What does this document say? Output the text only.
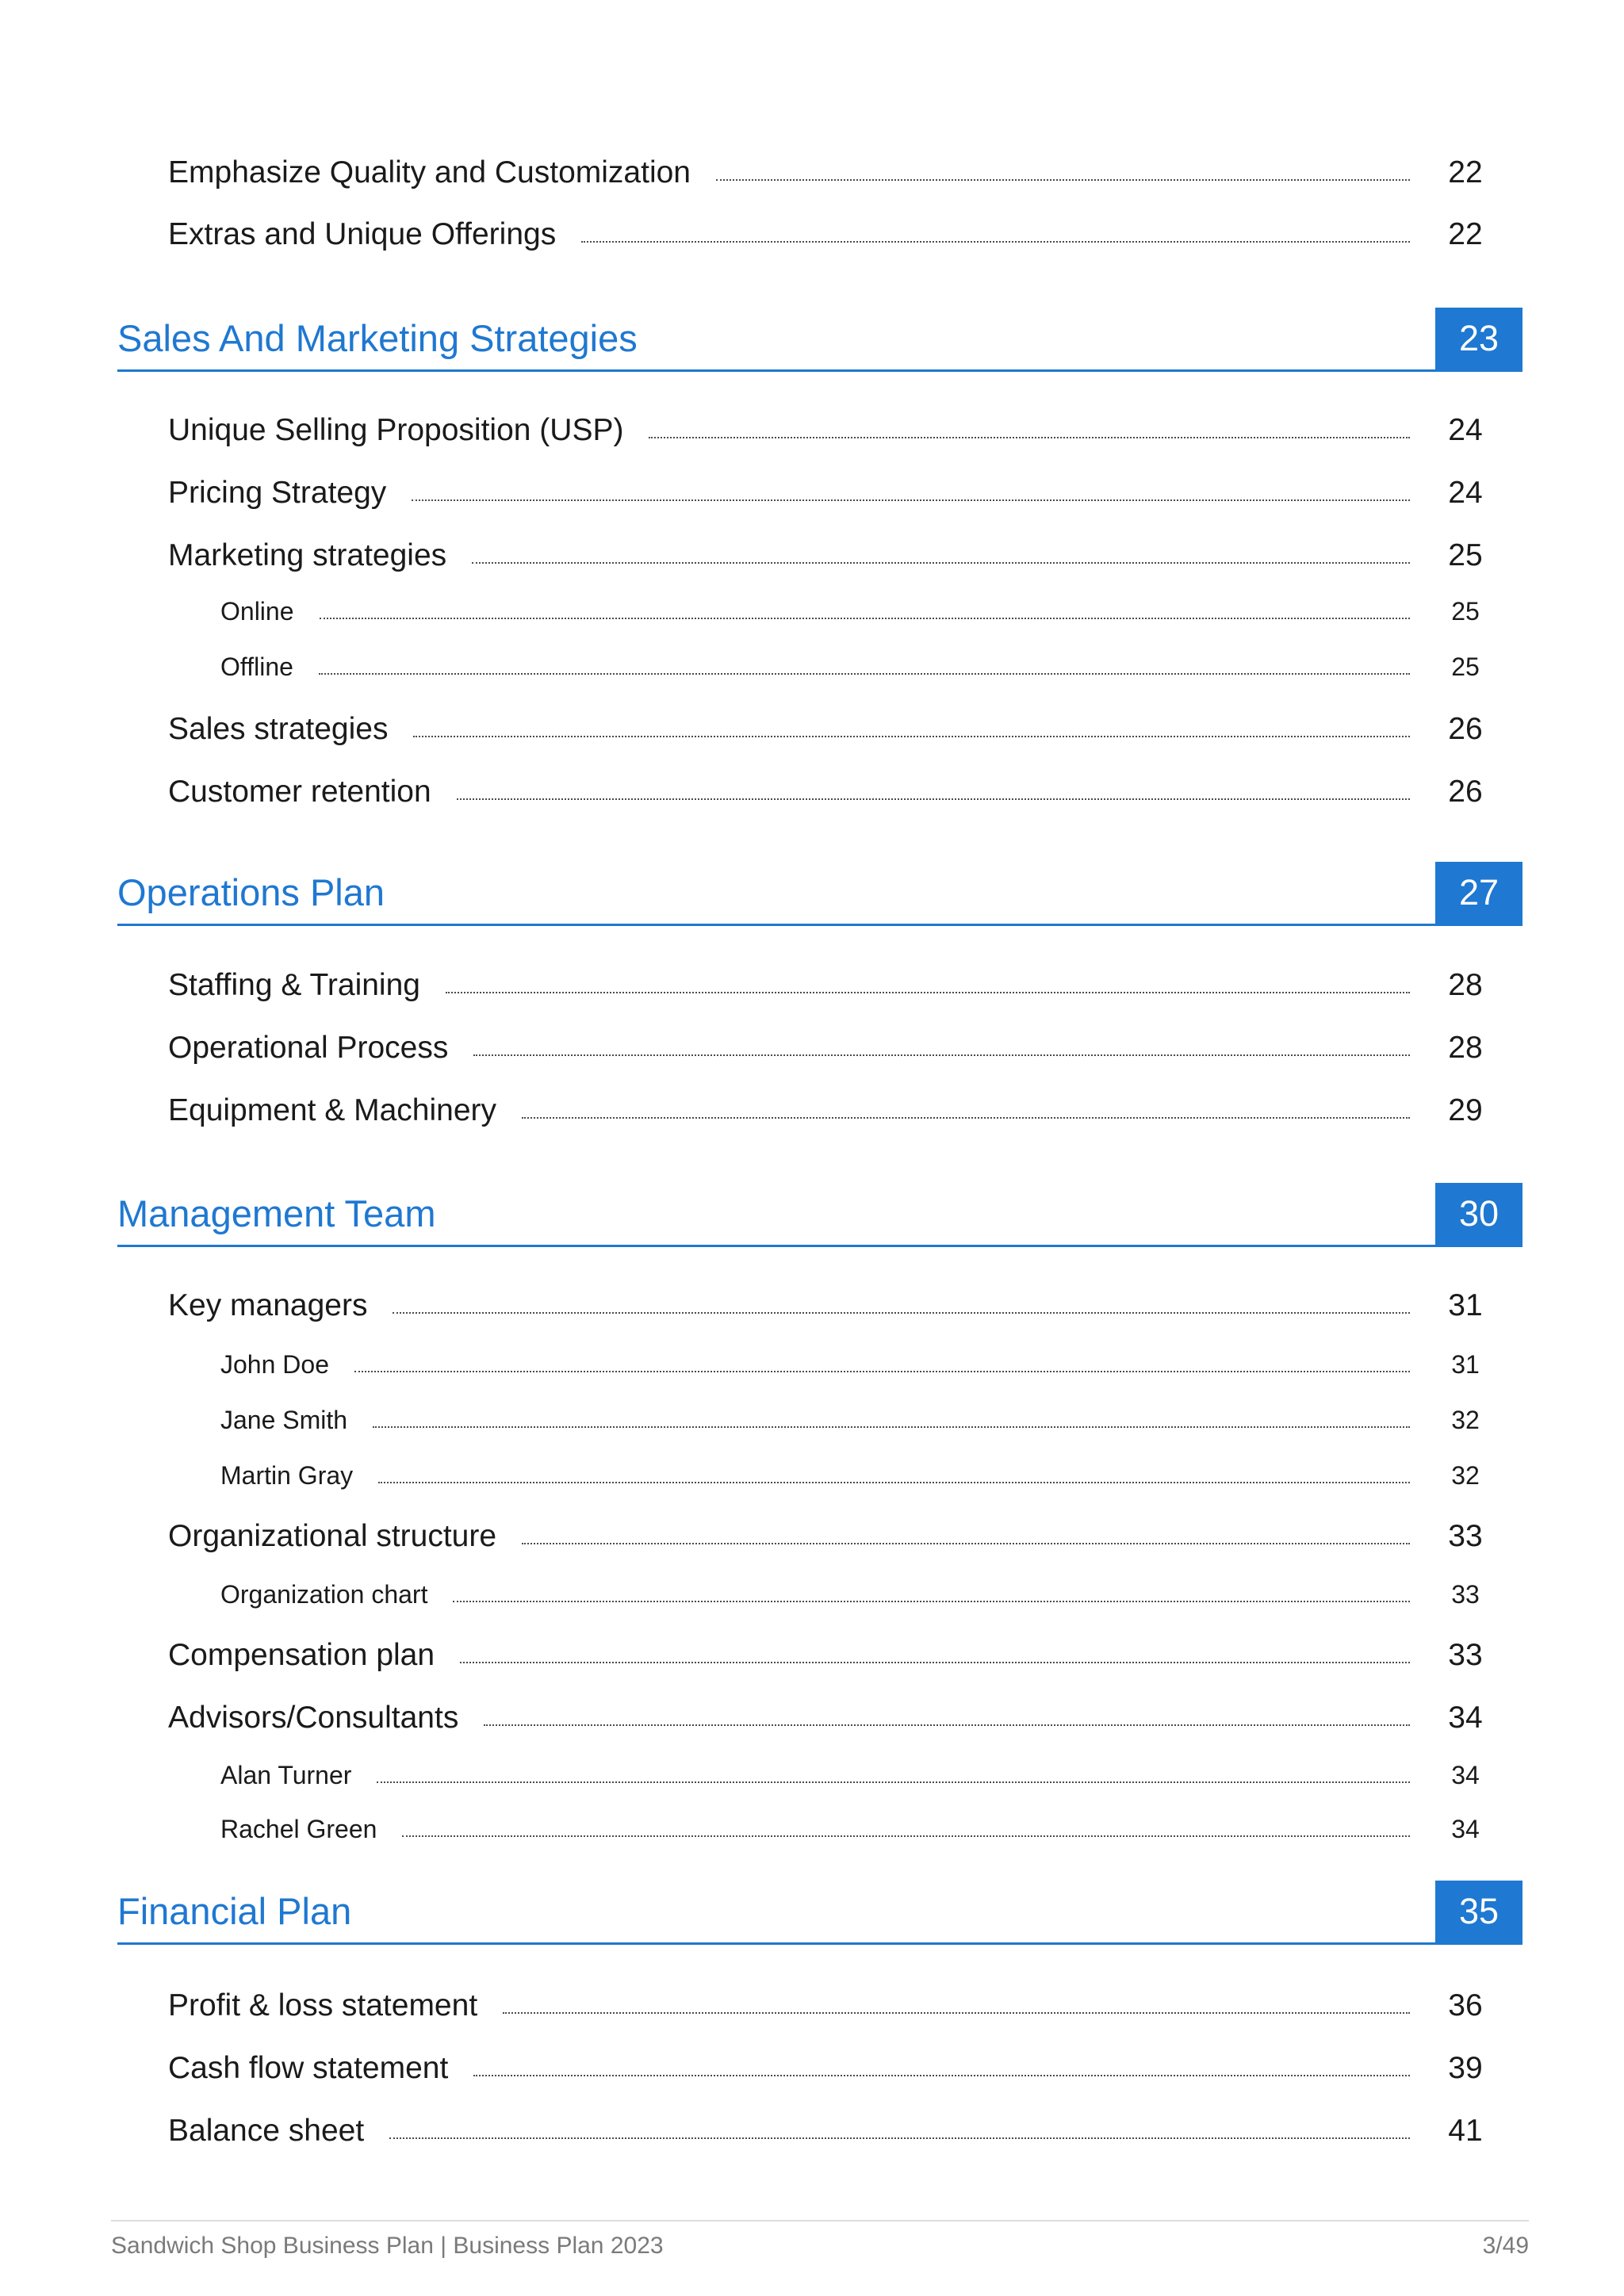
Emphasize Quality and Customization	22
Extras and Unique Offerings	22
Sales And Marketing Strategies	23
Unique Selling Proposition (USP)	24
Pricing Strategy	24
Marketing strategies	25
Online	25
Offline	25
Sales strategies	26
Customer retention	26
Operations Plan	27
Staffing & Training	28
Operational Process	28
Equipment & Machinery	29
Management Team	30
Key managers	31
John Doe	31
Jane Smith	32
Martin Gray	32
Organizational structure	33
Organization chart	33
Compensation plan	33
Advisors/Consultants	34
Alan Turner	34
Rachel Green	34
Financial Plan	35
Profit & loss statement	36
Cash flow statement	39
Balance sheet	41
Sandwich Shop Business Plan | Business Plan 2023	3/49
